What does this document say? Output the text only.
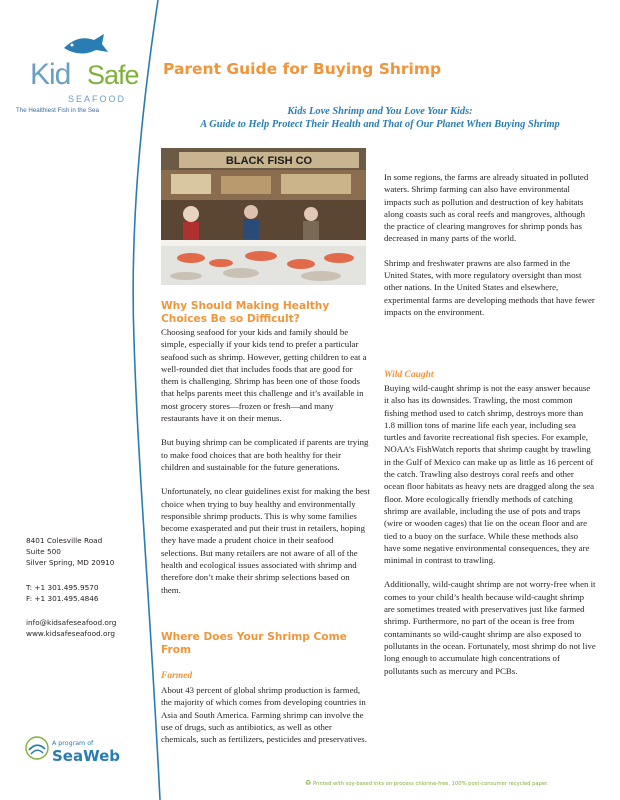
Kid Safe
SEAFOOD
The Healthiest Fish in the Sea
Parent Guide for Buying Shrimp
Kids Love Shrimp and You Love Your Kids:
A Guide to Help Protect Their Health and That of Our Planet When Buying Shrimp
BLACK FISH CO
Why Should Making Healthy
Choices Be so Difficult?

Choosing seafood for your kids and family should be simple, especially if your kids tend to prefer a particular seafood such as shrimp. However, getting children to eat a well-rounded diet that includes foods that are good for them is challenging. Shrimp has been one of those foods that helps parents meet this challenge and it’s available in most grocery stores—frozen or fresh—and many restaurants have it on their menus.

But buying shrimp can be complicated if parents are trying to make food choices that are both healthy for their children and sustainable for the future generations.

Unfortunately, no clear guidelines exist for making the best choice when trying to buy healthy and environmentally responsible shrimp products. This is why some families become exasperated and put their trust in retailers, hoping they have made a prudent choice in their seafood selections. But many retailers are not aware of all of the health and ecological issues associated with shrimp and therefore don’t make their shrimp selections based on them.

Where Does Your Shrimp Come
From
Farmed
About 43 percent of global shrimp production is farmed, the majority of which comes from developing countries in Asia and South America. Farming shrimp can involve the use of drugs, such as antibiotics, as well as other chemicals, such as fertilizers, pesticides and preservatives.

In some regions, the farms are already situated in polluted waters. Shrimp farming can also have environmental impacts such as pollution and destruction of key habitats along coasts such as coral reefs and mangroves, although the practice of clearing mangroves for shrimp ponds has decreased in many parts of the world.

Shrimp and freshwater prawns are also farmed in the United States, with more regulatory oversight than most other nations. In the United States and elsewhere, experimental farms are developing methods that have fewer impacts on the environment.

Wild Caught

Buying wild-caught shrimp is not the easy answer because it also has its downsides. Trawling, the most common fishing method used to catch shrimp, destroys more than 1.8 million tons of marine life each year, including sea turtles and favorite recreational fish species. For example, NOAA’s FishWatch reports that shrimp caught by trawling in the Gulf of Mexico can make up as little as 16 percent of the catch. Trawling also destroys coral reefs and other ocean floor habitats as heavy nets are dragged along the sea floor. More ecologically friendly methods of catching shrimp are available, including the use of pots and traps (wire or wooden cages) that lie on the ocean floor and are tied to a buoy on the surface. While these methods also have some negative environmental consequences, they are minimal in contrast to trawling.

Additionally, wild-caught shrimp are not worry-free when it comes to your child’s health because wild-caught shrimp are sometimes treated with preservatives just like farmed shrimp. Furthermore, no part of the ocean is free from contaminants so wild-caught shrimp are also exposed to pollutants in the ocean. Fortunately, most shrimp do not live long enough to accumulate high concentrations of pollutants such as mercury and PCBs.

8401 Colesville Road
Suite 500
Silver Spring, MD 20910
T: +1 301.495.9570
F: +1 301.495.4846
info@kidsafeseafood.org
www.kidsafeseafood.org
A program of
SeaWeb
♻ Printed with soy-based inks on process chlorine-free, 100% post-consumer recycled paper.
